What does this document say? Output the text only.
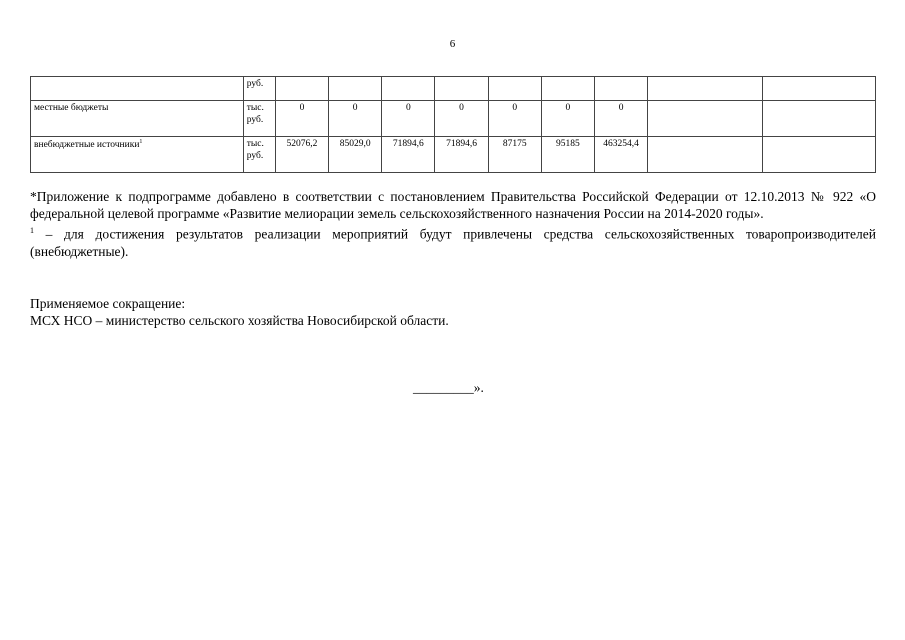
6
	руб.									
местные бюджеты	тыс. руб.	0	0	0	0	0	0	0		
внебюджетные источники$^1$	тыс. руб.	52076,2	85029,0	71894,6	71894,6	87175	95185	463254,4		

*Приложение к подпрограмме добавлено в соответствии с постановлением Правительства Российской Федерации от 12.10.2013 № 922 «О федеральной целевой программе «Развитие мелиорации земель сельскохозяйственного назначения России на 2014-2020 годы».

$^1$ – для достижения результатов реализации мероприятий будут привлечены средства сельскохозяйственных товаропроизводителей (внебюджетные).

Применяемое сокращение:

МСХ НСО – министерство сельского хозяйства Новосибирской области.

_________».
